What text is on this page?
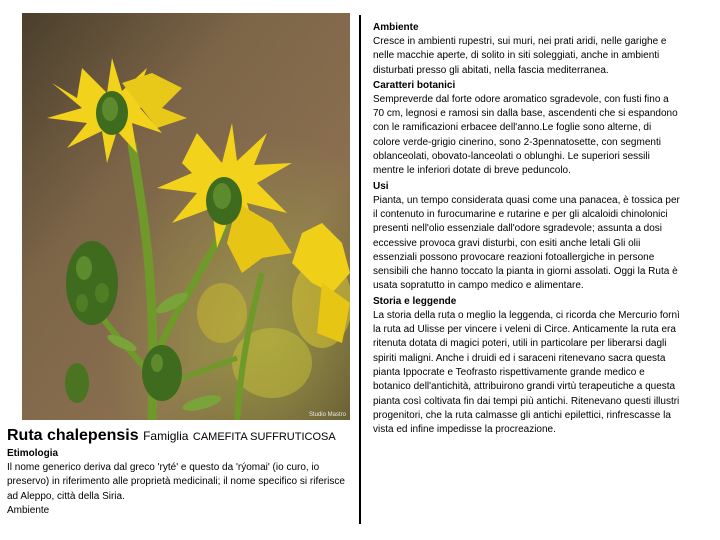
Studio Mastro
Ruta chalepensis Famiglia CAMEFITA SUFFRUTICOSA
Etimologia
Il nome generico deriva dal greco 'ryté' e questo da 'rýomai' (io curo, io preservo) in riferimento alle proprietà medicinali; il nome specifico si riferisce ad Aleppo, città della Siria.
Ambiente
Ambiente
Cresce in ambienti rupestri, sui muri, nei prati aridi, nelle garighe e nelle macchie aperte, di solito in siti soleggiati, anche in ambienti disturbati presso gli abitati, nella fascia mediterranea.
Caratteri botanici
Sempreverde dal forte odore aromatico sgradevole, con fusti fino a 70 cm, legnosi e ramosi sin dalla base, ascendenti che si espandono con le ramificazioni erbacee dell'anno.Le foglie sono alterne, di colore verde-grigio cinerino, sono 2-3pennatosette, con segmenti oblanceolati, obovato-lanceolati o oblunghi. Le superiori sessili mentre le inferiori dotate di breve peduncolo.
Usi
Pianta, un tempo considerata quasi come una panacea, è tossica per il contenuto in furocumarine e rutarine e per gli alcaloidi chinolonici presenti nell'olio essenziale dall'odore sgradevole; assunta a dosi eccessive provoca gravi disturbi, con esiti anche letali Gli olii essenziali possono provocare reazioni fotoallergiche in persone sensibili che hanno toccato la pianta in giorni assolati. Oggi la Ruta è usata sopratutto in campo medico e alimentare.
Storia e leggende
La storia della ruta o meglio la leggenda, ci ricorda che Mercurio fornì la ruta ad Ulisse per vincere i veleni di Circe. Anticamente la ruta era ritenuta dotata di magici poteri, utili in particolare per liberarsi dagli spiriti maligni. Anche i druidi ed i saraceni ritenevano sacra questa pianta Ippocrate e Teofrasto rispettivamente grande medico e botanico dell'antichità, attribuirono grandi virtù terapeutiche a questa pianta così coltivata fin dai tempi più antichi. Ritenevano questi illustri progenitori, che la ruta calmasse gli antichi epilettici, rinfrescasse la vista ed infine impedisse la procreazione.
